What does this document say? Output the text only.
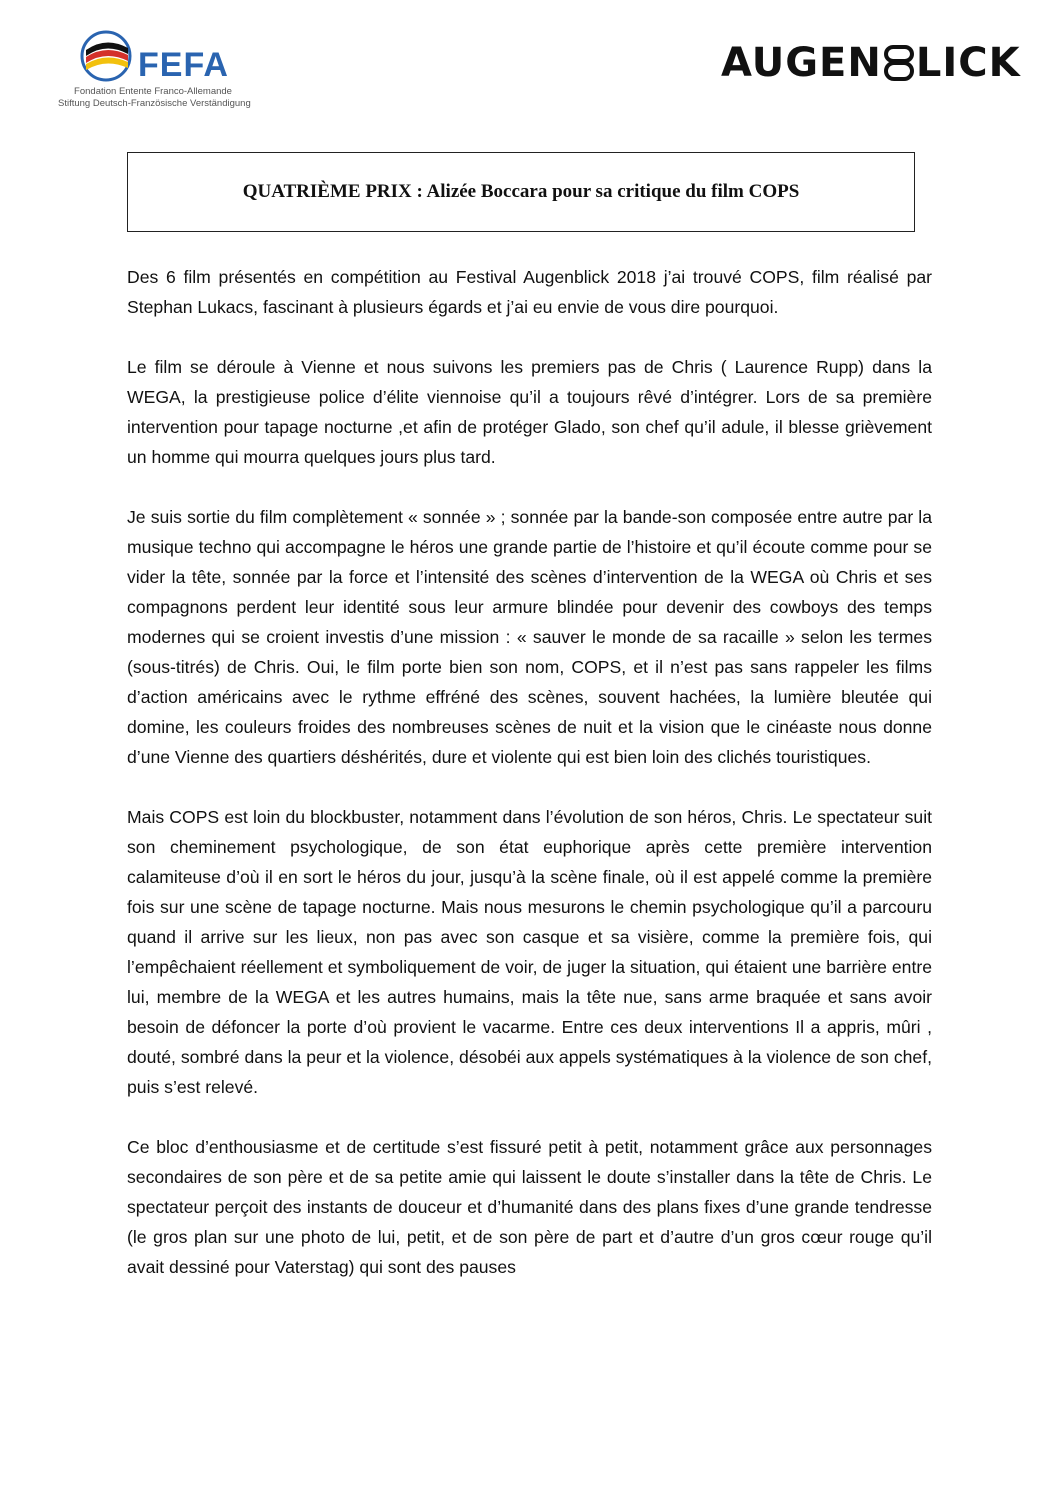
FEFA
Fondation Entente Franco-Allemande
Stiftung Deutsch-Französische Verständigung
AUGEN LICK
QUATRIÈME PRIX : Alizée Boccara pour sa critique du film COPS

Des 6 film présentés en compétition au Festival Augenblick 2018 j’ai trouvé COPS, film réalisé par Stephan Lukacs, fascinant à plusieurs égards et j’ai eu envie de vous dire pourquoi.

Le film se déroule à Vienne et nous suivons les premiers pas de Chris ( Laurence Rupp) dans la WEGA, la prestigieuse police d’élite viennoise qu’il a toujours rêvé d’intégrer. Lors de sa première intervention pour tapage nocturne ,et afin de protéger Glado, son chef qu’il adule, il blesse grièvement un homme qui mourra quelques jours plus tard.

Je suis sortie du film complètement « sonnée » ; sonnée par la bande-son composée entre autre par la musique techno qui accompagne le héros une grande partie de l’histoire et qu’il écoute comme pour se vider la tête, sonnée par la force et l’intensité des scènes d’intervention de la WEGA où Chris et ses compagnons perdent leur identité sous leur armure blindée pour devenir des cowboys des temps modernes qui se croient investis d’une mission : « sauver le monde de sa racaille » selon les termes (sous-titrés) de Chris. Oui, le film porte bien son nom, COPS, et il n’est pas sans rappeler les films d’action américains avec le rythme effréné des scènes, souvent hachées, la lumière bleutée qui domine, les couleurs froides des nombreuses scènes de nuit et la vision que le cinéaste nous donne d’une Vienne des quartiers déshérités, dure et violente qui est bien loin des clichés touristiques.

Mais COPS est loin du blockbuster, notamment dans l’évolution de son héros, Chris. Le spectateur suit son cheminement psychologique, de son état euphorique après cette première intervention calamiteuse d’où il en sort le héros du jour, jusqu’à la scène finale, où il est appelé comme la première fois sur une scène de tapage nocturne. Mais nous mesurons le chemin psychologique qu’il a parcouru quand il arrive sur les lieux, non pas avec son casque et sa visière, comme la première fois, qui l’empêchaient réellement et symboliquement de voir, de juger la situation, qui étaient une barrière entre lui, membre de la WEGA et les autres humains, mais la tête nue, sans arme braquée et sans avoir besoin de défoncer la porte d’où provient le vacarme. Entre ces deux interventions Il a appris, mûri , douté, sombré dans la peur et la violence, désobéi aux appels systématiques à la violence de son chef, puis s’est relevé.

Ce bloc d’enthousiasme et de certitude s’est fissuré petit à petit, notamment grâce aux personnages secondaires de son père et de sa petite amie qui laissent le doute s’installer dans la tête de Chris. Le spectateur perçoit des instants de douceur et d’humanité dans des plans fixes d’une grande tendresse (le gros plan sur une photo de lui, petit, et de son père de part et d’autre d’un gros cœur rouge qu’il avait dessiné pour Vaterstag) qui sont des pauses
